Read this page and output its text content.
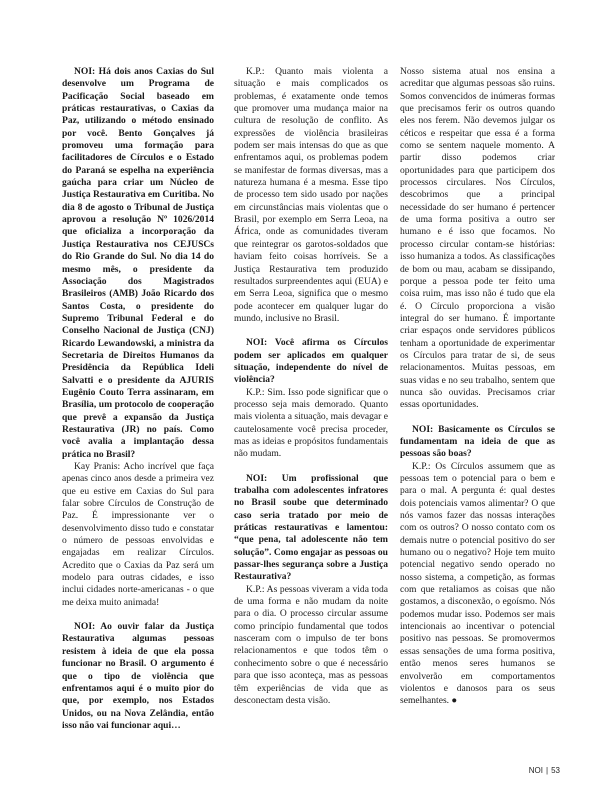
NOI: Há dois anos Caxias do Sul desenvolve um Programa de Pacificação Social baseado em práticas restaurativas, o Caxias da Paz, utilizando o método ensinado por você. Bento Gonçalves já promoveu uma formação para facilitadores de Círculos e o Estado do Paraná se espelha na experiência gaúcha para criar um Núcleo de Justiça Restaurativa em Curitiba. No dia 8 de agosto o Tribunal de Justiça aprovou a resolução Nº 1026/2014 que oficializa a incorporação da Justiça Restaurativa nos CEJUSCs do Rio Grande do Sul. No dia 14 do mesmo mês, o presidente da Associação dos Magistrados Brasileiros (AMB) João Ricardo dos Santos Costa, o presidente do Supremo Tribunal Federal e do Conselho Nacional de Justiça (CNJ) Ricardo Lewandowski, a ministra da Secretaria de Direitos Humanos da Presidência da República Ideli Salvatti e o presidente da AJURIS Eugênio Couto Terra assinaram, em Brasília, um protocolo de cooperação que prevê a expansão da Justiça Restaurativa (JR) no país. Como você avalia a implantação dessa prática no Brasil?

Kay Pranis: Acho incrível que faça apenas cinco anos desde a primeira vez que eu estive em Caxias do Sul para falar sobre Círculos de Construção de Paz. É impressionante ver o desenvolvimento disso tudo e constatar o número de pessoas envolvidas e engajadas em realizar Círculos. Acredito que o Caxias da Paz será um modelo para outras cidades, e isso inclui cidades norte-americanas - o que me deixa muito animada!

NOI: Ao ouvir falar da Justiça Restaurativa algumas pessoas resistem à ideia de que ela possa funcionar no Brasil. O argumento é que o tipo de violência que enfrentamos aqui é o muito pior do que, por exemplo, nos Estados Unidos, ou na Nova Zelândia, então isso não vai funcionar aqui…

K.P.: Quanto mais violenta a situação e mais complicados os problemas, é exatamente onde temos que promover uma mudança maior na cultura de resolução de conflito. As expressões de violência brasileiras podem ser mais intensas do que as que enfrentamos aqui, os problemas podem se manifestar de formas diversas, mas a natureza humana é a mesma. Esse tipo de processo tem sido usado por nações em circunstâncias mais violentas que o Brasil, por exemplo em Serra Leoa, na África, onde as comunidades tiveram que reintegrar os garotos-soldados que haviam feito coisas horríveis. Se a Justiça Restaurativa tem produzido resultados surpreendentes aqui (EUA) e em Serra Leoa, significa que o mesmo pode acontecer em qualquer lugar do mundo, inclusive no Brasil.

NOI: Você afirma os Círculos podem ser aplicados em qualquer situação, independente do nível de violência?

K.P.: Sim. Isso pode significar que o processo seja mais demorado. Quanto mais violenta a situação, mais devagar e cautelosamente você precisa proceder, mas as ideias e propósitos fundamentais não mudam.

NOI: Um profissional que trabalha com adolescentes infratores no Brasil soube que determinado caso seria tratado por meio de práticas restaurativas e lamentou: “que pena, tal adolescente não tem solução”. Como engajar as pessoas ou passar-lhes segurança sobre a Justiça Restaurativa?

K.P.: As pessoas viveram a vida toda de uma forma e não mudam da noite para o dia. O processo circular assume como princípio fundamental que todos nasceram com o impulso de ter bons relacionamentos e que todos têm o conhecimento sobre o que é necessário para que isso aconteça, mas as pessoas têm experiências de vida que as desconectam desta visão.

Nosso sistema atual nos ensina a acreditar que algumas pessoas são ruins. Somos convencidos de inúmeras formas que precisamos ferir os outros quando eles nos ferem. Não devemos julgar os céticos e respeitar que essa é a forma como se sentem naquele momento. A partir disso podemos criar oportunidades para que participem dos processos circulares. Nos Círculos, descobrimos que a principal necessidade do ser humano é pertencer de uma forma positiva a outro ser humano e é isso que focamos. No processo circular contam-se histórias: isso humaniza a todos. As classificações de bom ou mau, acabam se dissipando, porque a pessoa pode ter feito uma coisa ruim, mas isso não é tudo que ela é. O Círculo proporciona a visão integral do ser humano. É importante criar espaços onde servidores públicos tenham a oportunidade de experimentar os Círculos para tratar de si, de seus relacionamentos. Muitas pessoas, em suas vidas e no seu trabalho, sentem que nunca são ouvidas. Precisamos criar essas oportunidades.

NOI: Basicamente os Círculos se fundamentam na ideia de que as pessoas são boas?

K.P.: Os Círculos assumem que as pessoas tem o potencial para o bem e para o mal. A pergunta é: qual destes dois potenciais vamos alimentar? O que nós vamos fazer das nossas interações com os outros? O nosso contato com os demais nutre o potencial positivo do ser humano ou o negativo? Hoje tem muito potencial negativo sendo operado no nosso sistema, a competição, as formas com que retaliamos as coisas que não gostamos, a disconexão, o egoísmo. Nós podemos mudar isso. Podemos ser mais intencionais ao incentivar o potencial positivo nas pessoas. Se promovermos essas sensações de uma forma positiva, então menos seres humanos se envolverão em comportamentos violentos e danosos para os seus semelhantes. ●

NOI | 53
